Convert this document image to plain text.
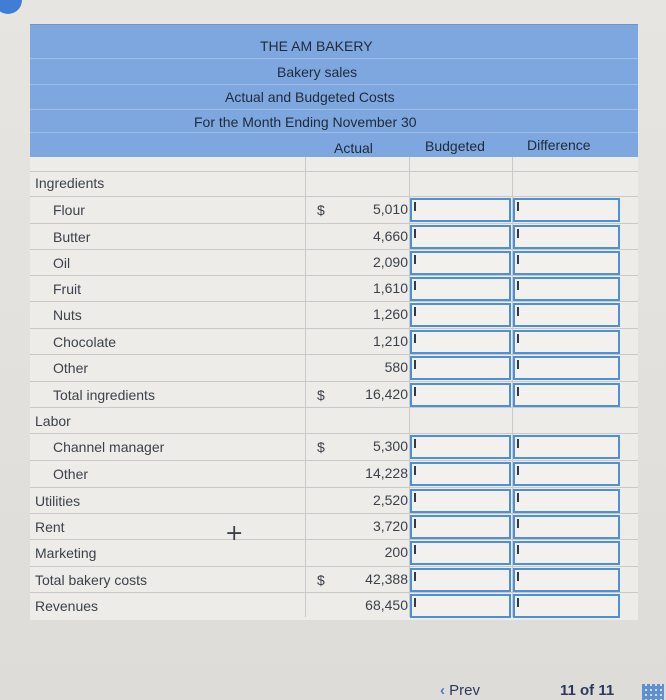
THE AM BAKERY
Bakery sales
Actual and Budgeted Costs
For the Month Ending November 30
Actual	Budgeted	Difference
Ingredients
Flour	$	5,010
Butter	4,660
Oil	2,090
Fruit	1,610
Nuts	1,260
Chocolate	1,210
Other	580
Total ingredients	$	16,420
Labor
Channel manager	$	5,300
Other	14,228
Utilities	2,520
Rent	3,720
Marketing	200
Total bakery costs	$	42,388
Revenues	68,450
+
‹ Prev	11 of 11
